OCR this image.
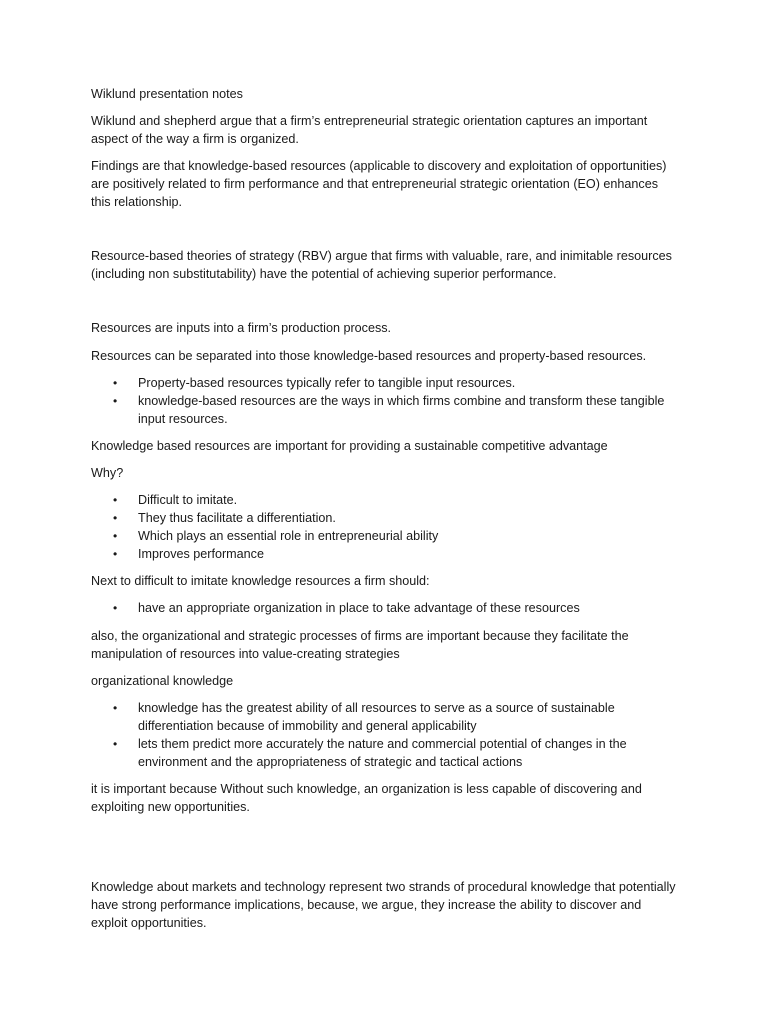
Wiklund presentation notes

Wiklund and shepherd argue that a firm’s entrepreneurial strategic orientation captures an important aspect of the way a firm is organized.

Findings are that knowledge-based resources (applicable to discovery and exploitation of opportunities) are positively related to firm performance and that entrepreneurial strategic orientation (EO) enhances this relationship.

Resource-based theories of strategy (RBV) argue that firms with valuable, rare, and inimitable resources (including non substitutability) have the potential of achieving superior performance.

Resources are inputs into a firm’s production process.

Resources can be separated into those knowledge-based resources and property-based resources.

• Property-based resources typically refer to tangible input resources.
• knowledge-based resources are the ways in which firms combine and transform these tangible input resources.

Knowledge based resources are important for providing a sustainable competitive advantage

Why?

• Difficult to imitate.
• They thus facilitate a differentiation.
• Which plays an essential role in entrepreneurial ability
• Improves performance

Next to difficult to imitate knowledge resources a firm should:

• have an appropriate organization in place to take advantage of these resources

also, the organizational and strategic processes of firms are important because they facilitate the manipulation of resources into value-creating strategies

organizational knowledge

• knowledge has the greatest ability of all resources to serve as a source of sustainable differentiation because of immobility and general applicability
• lets them predict more accurately the nature and commercial potential of changes in the environment and the appropriateness of strategic and tactical actions

it is important because Without such knowledge, an organization is less capable of discovering and exploiting new opportunities.

Knowledge about markets and technology represent two strands of procedural knowledge that potentially have strong performance implications, because, we argue, they increase the ability to discover and exploit opportunities.
